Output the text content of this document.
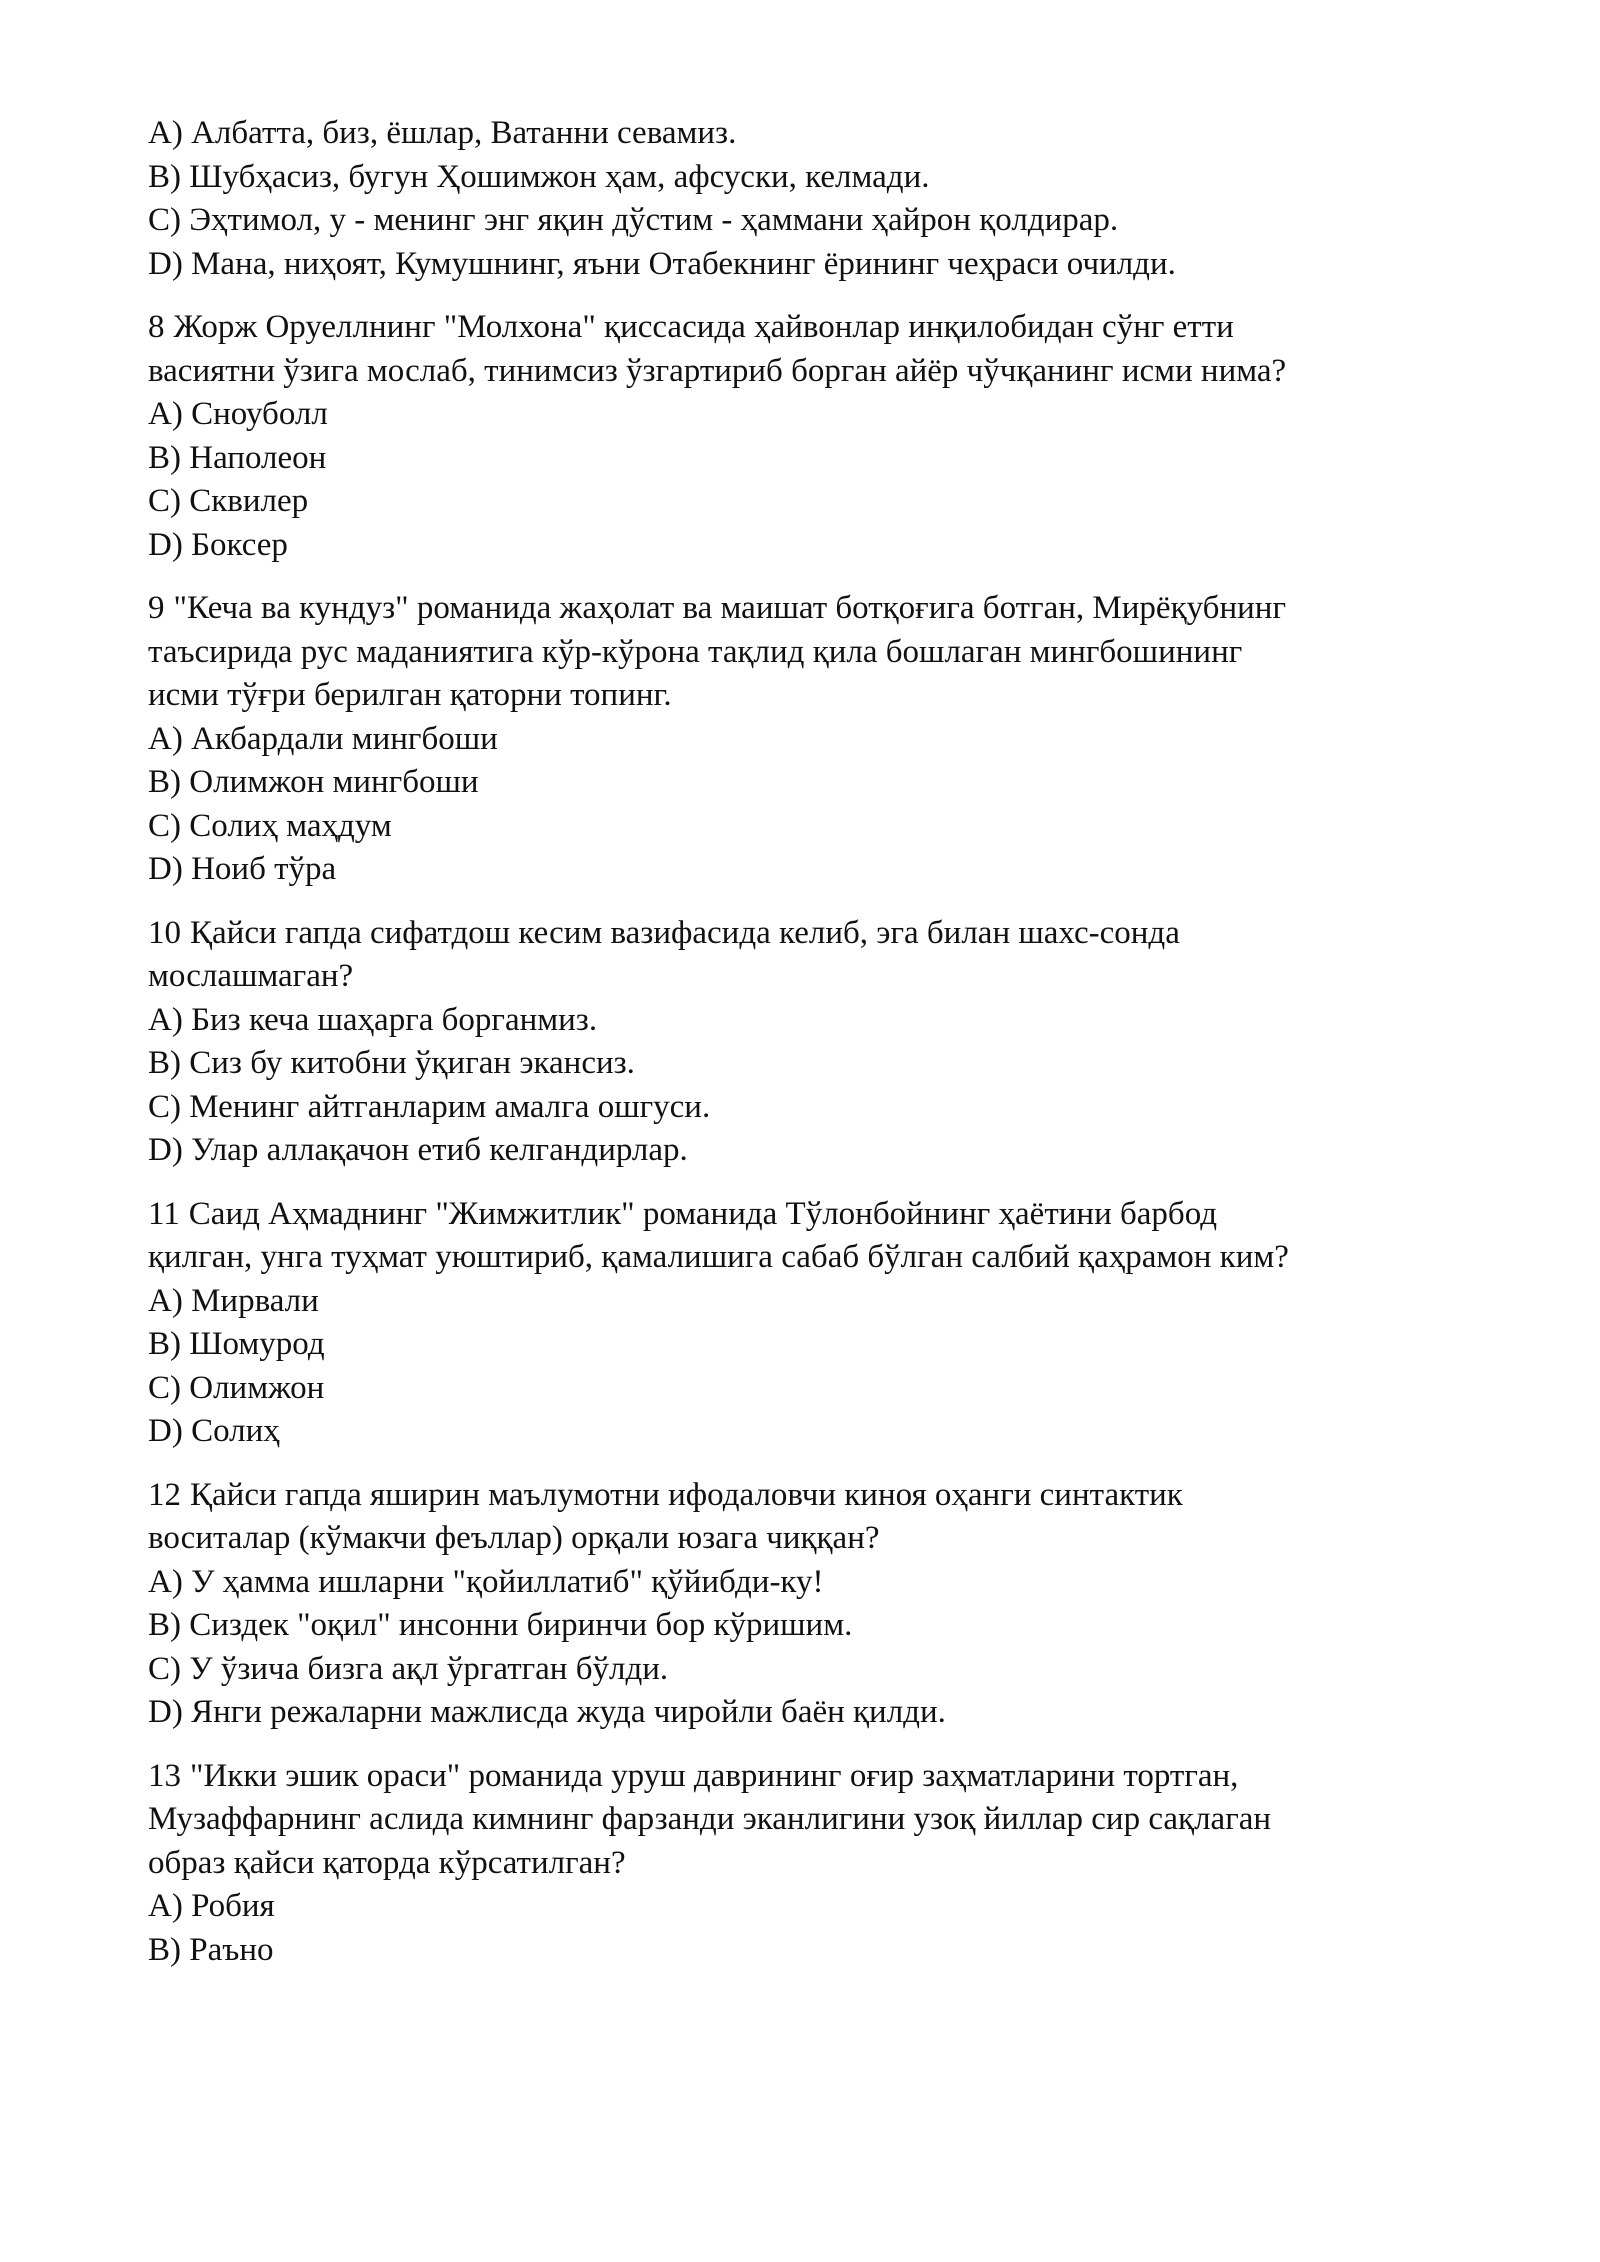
A) Албатта, биз, ёшлар, Ватанни севамиз.
B) Шубҳасиз, бугун Ҳошимжон ҳам, афсуски, келмади.
C) Эҳтимол, у - менинг энг яқин дўстим - ҳаммани ҳайрон қолдирар.
D) Мана, ниҳоят, Кумушнинг, яъни Отабекнинг ёрининг чеҳраси очилди.
8 Жорж Оруеллнинг "Молхона" қиссасида ҳайвонлар инқилобидан сўнг етти
васиятни ўзига мослаб, тинимсиз ўзгартириб борган айёр чўчқанинг исми нима?
A) Сноуболл
B) Наполеон
C) Сквилер
D) Боксер
9 "Кеча ва кундуз" романида жаҳолат ва маишат ботқоғига ботган, Мирёқубнинг
таъсирида рус маданиятига кўр-кўрона тақлид қила бошлаган мингбошининг
исми тўғри берилган қаторни топинг.
A) Акбардали мингбоши
B) Олимжон мингбоши
C) Солиҳ маҳдум
D) Ноиб тўра
10 Қайси гапда сифатдош кесим вазифасида келиб, эга билан шахс-сонда
мослашмаган?
A) Биз кеча шаҳарга борганмиз.
B) Сиз бу китобни ўқиган экансиз.
C) Менинг айтганларим амалга ошгуси.
D) Улар аллақачон етиб келгандирлар.
11 Саид Аҳмаднинг "Жимжитлик" романида Тўлонбойнинг ҳаётини барбод
қилган, унга туҳмат уюштириб, қамалишига сабаб бўлган салбий қаҳрамон ким?
A) Мирвали
B) Шомурод
C) Олимжон
D) Солиҳ
12 Қайси гапда яширин маълумотни ифодаловчи киноя оҳанги синтактик
воситалар (кўмакчи феъллар) орқали юзага чиққан?
A) У ҳамма ишларни "қойиллатиб" қўйибди-ку!
B) Сиздек "оқил" инсонни биринчи бор кўришим.
C) У ўзича бизга ақл ўргатган бўлди.
D) Янги режаларни мажлисда жуда чиройли баён қилди.
13 "Икки эшик ораси" романида уруш даврининг оғир заҳматларини тортган,
Музаффарнинг аслида кимнинг фарзанди эканлигини узоқ йиллар сир сақлаган
образ қайси қаторда кўрсатилган?
A) Робия
B) Раъно
